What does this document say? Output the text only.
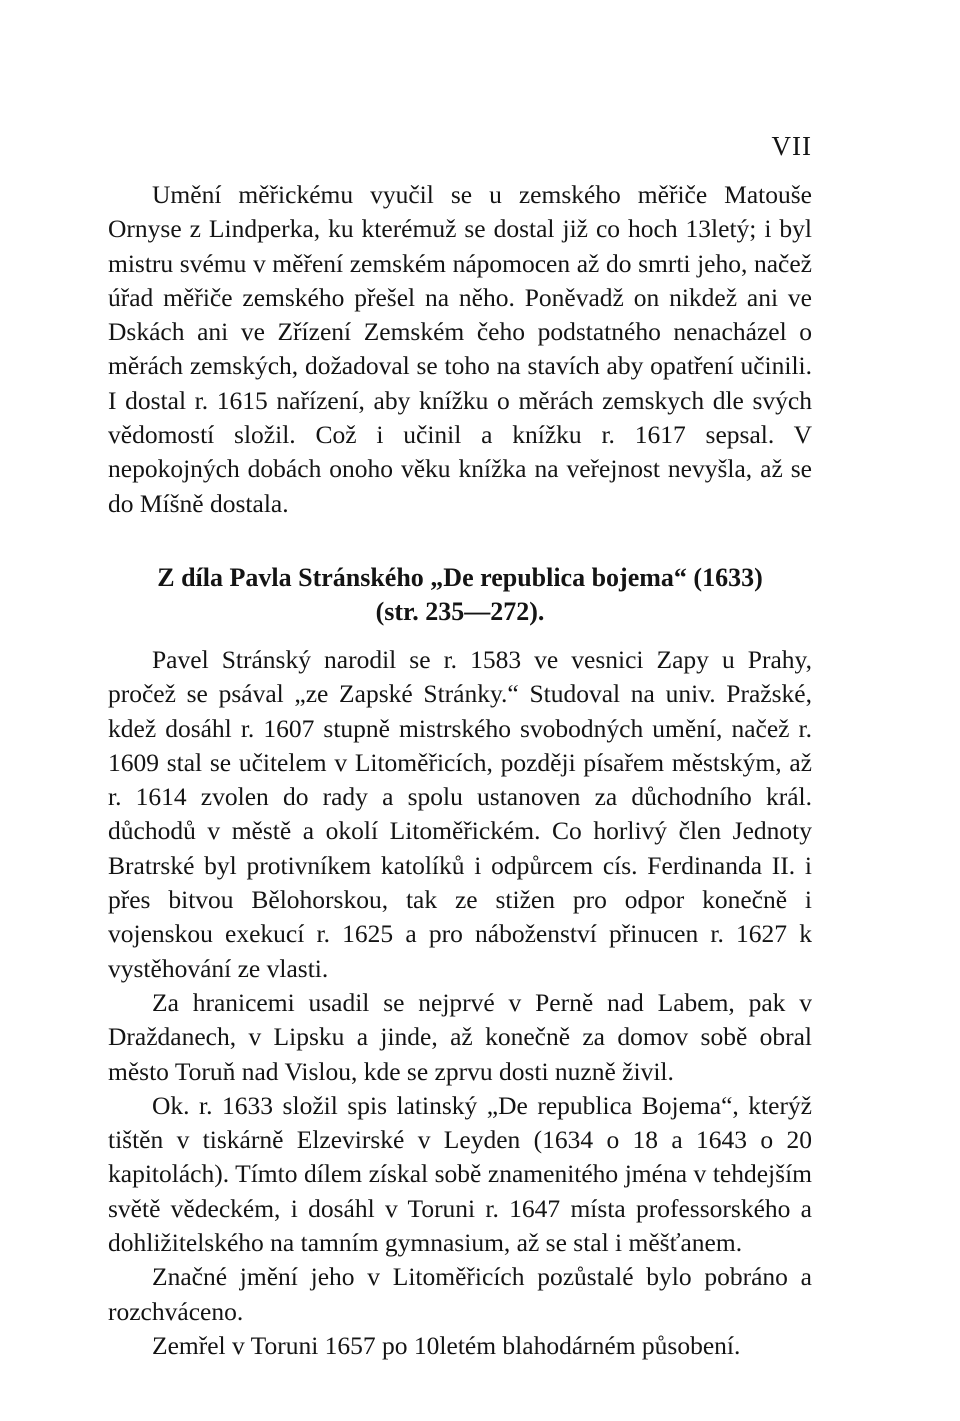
VII

Umění měřickému vyučil se u zemského měřiče Matouše Ornyse z Lindperka, ku kterémuž se dostal již co hoch 13letý; i byl mistru svému v měření zemském nápomocen až do smrti jeho, načež úřad měřiče zemského přešel na něho. Poněvadž on nikdež ani ve Dskách ani ve Zřízení Zemském čeho podstatného nenacházel o měrách zemských, dožadoval se toho na stavích aby opatření učinili. I dostal r. 1615 nařízení, aby knížku o měrách zemskych dle svých vědomostí složil. Což i učinil a knížku r. 1617 sepsal. V nepokojných dobách onoho věku knížka na veřejnost nevyšla, až se do Míšně dostala.

Z díla Pavla Stránského „De republica bojema“ (1633)
(str. 235—272).

Pavel Stránský narodil se r. 1583 ve vesnici Zapy u Prahy, pročež se psával „ze Zapské Stránky.“ Studoval na univ. Pražské, kdež dosáhl r. 1607 stupně mistrského svobodných umění, načež r. 1609 stal se učitelem v Litoměřicích, později písařem městským, až r. 1614 zvolen do rady a spolu ustanoven za důchodního král. důchodů v městě a okolí Litoměřickém. Co horlivý člen Jednoty Bratrské byl protivníkem katolíků i odpůrcem cís. Ferdinanda II. i přes bitvou Bělohorskou, tak ze stižen pro odpor konečně i vojenskou exekucí r. 1625 a pro náboženství přinucen r. 1627 k vystěhování ze vlasti.

Za hranicemi usadil se nejprvé v Perně nad Labem, pak v Draždanech, v Lipsku a jinde, až konečně za domov sobě obral město Toruň nad Vislou, kde se zprvu dosti nuzně živil.

Ok. r. 1633 složil spis latinský „De republica Bojema“, kterýž tištěn v tiskárně Elzevirské v Leyden (1634 o 18 a 1643 o 20 kapitolách). Tímto dílem získal sobě znamenitého jména v tehdejším světě vědeckém, i dosáhl v Toruni r. 1647 místa professorského a dohližitelského na tamním gymnasium, až se stal i měšťanem.

Značné jmění jeho v Litoměřicích pozůstalé bylo pobráno a rozchváceno.

Zemřel v Toruni 1657 po 10letém blahodárném působení.
